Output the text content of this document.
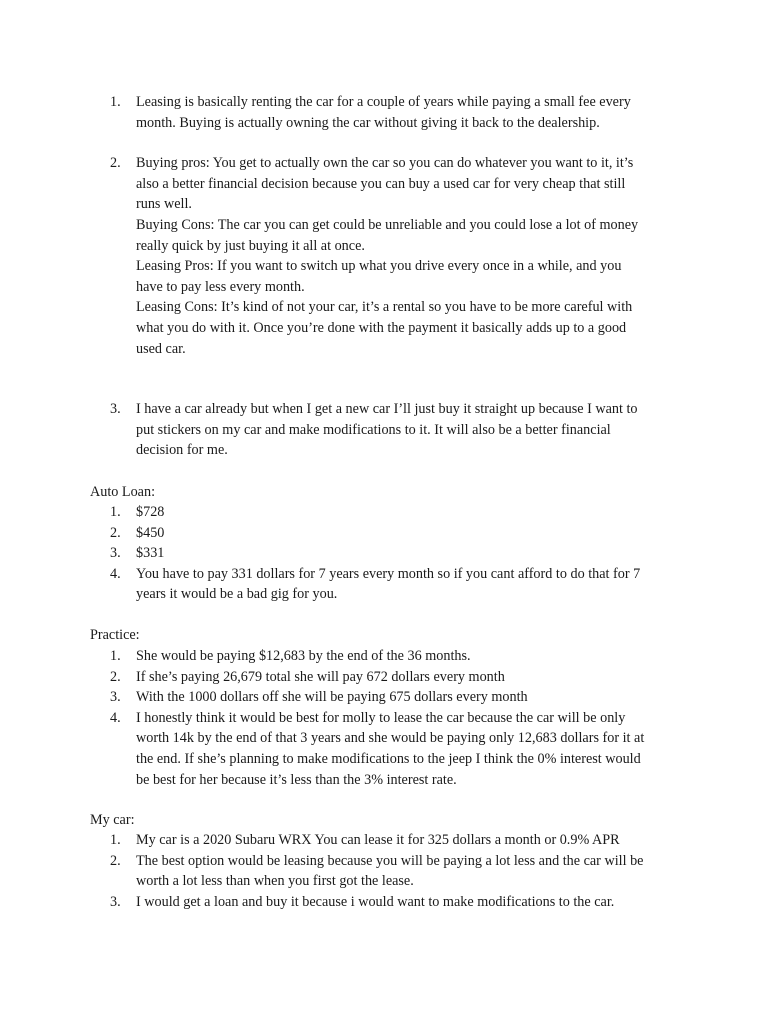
1. Leasing is basically renting the car for a couple of years while paying a small fee every
month. Buying is actually owning the car without giving it back to the dealership.
2. Buying pros: You get to actually own the car so you can do whatever you want to it, it’s
also a better financial decision because you can buy a used car for very cheap that still
runs well.
Buying Cons: The car you can get could be unreliable and you could lose a lot of money
really quick by just buying it all at once.
Leasing Pros: If you want to switch up what you drive every once in a while, and you
have to pay less every month.
Leasing Cons: It’s kind of not your car, it’s a rental so you have to be more careful with
what you do with it. Once you’re done with the payment it basically adds up to a good
used car.
3. I have a car already but when I get a new car I’ll just buy it straight up because I want to
put stickers on my car and make modifications to it. It will also be a better financial
decision for me.
Auto Loan:
1. $728
2. $450
3. $331
4. You have to pay 331 dollars for 7 years every month so if you cant afford to do that for 7
years it would be a bad gig for you.
Practice:
1. She would be paying $12,683 by the end of the 36 months.
2. If she’s paying 26,679 total she will pay 672 dollars every month
3. With the 1000 dollars off she will be paying 675 dollars every month
4. I honestly think it would be best for molly to lease the car because the car will be only
worth 14k by the end of that 3 years and she would be paying only 12,683 dollars for it at
the end. If she’s planning to make modifications to the jeep I think the 0% interest would
be best for her because it’s less than the 3% interest rate.
My car:
1. My car is a 2020 Subaru WRX You can lease it for 325 dollars a month or 0.9% APR
2. The best option would be leasing because you will be paying a lot less and the car will be
worth a lot less than when you first got the lease.
3. I would get a loan and buy it because i would want to make modifications to the car.
